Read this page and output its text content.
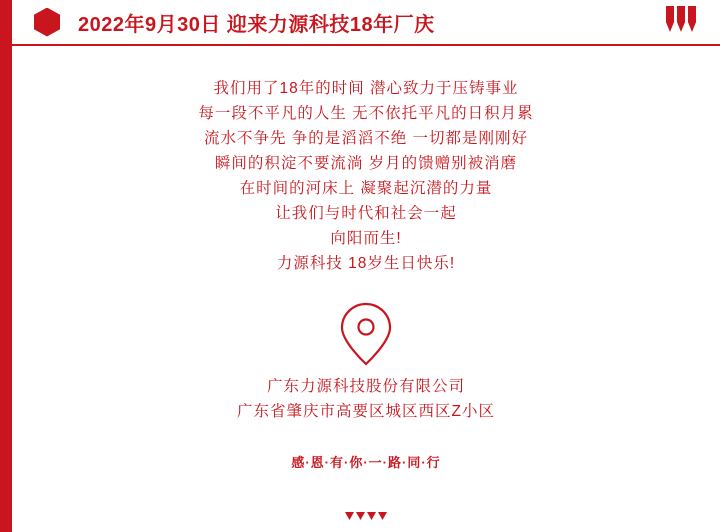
2022年9月30日 迎来力源科技18年厂庆
我们用了18年的时间 潜心致力于压铸事业
每一段不平凡的人生 无不依托平凡的日积月累
流水不争先 争的是滔滔不绝 一切都是刚刚好
瞬间的积淀不要流淌 岁月的馈赠别被消磨
在时间的河床上 凝聚起沉潜的力量
让我们与时代和社会一起
向阳而生!
力源科技 18岁生日快乐!
广东力源科技股份有限公司
广东省肇庆市高要区城区西区Z小区
感·恩·有·你·一·路·同·行
